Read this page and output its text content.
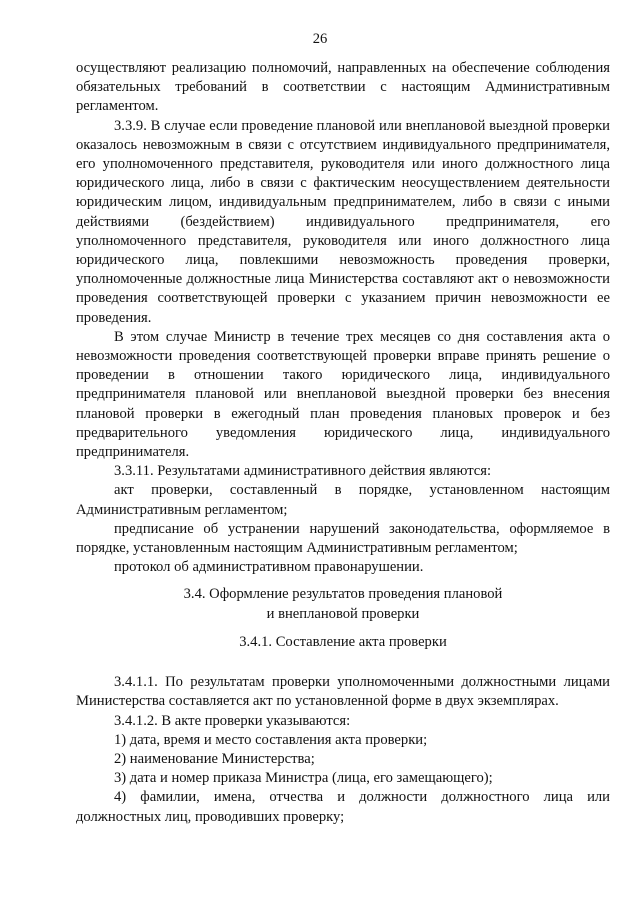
26

осуществляют реализацию полномочий, направленных на обеспечение соблюдения обязательных требований в соответствии с настоящим Административным регламентом.

3.3.9. В случае если проведение плановой или внеплановой выездной проверки оказалось невозможным в связи с отсутствием индивидуального предпринимателя, его уполномоченного представителя, руководителя или иного должностного лица юридического лица, либо в связи с фактическим неосуществлением деятельности юридическим лицом, индивидуальным предпринимателем, либо в связи с иными действиями (бездействием) индивидуального предпринимателя, его уполномоченного представителя, руководителя или иного должностного лица юридического лица, повлекшими невозможность проведения проверки, уполномоченные должностные лица Министерства составляют акт о невозможности проведения соответствующей проверки с указанием причин невозможности ее проведения.

В этом случае Министр в течение трех месяцев со дня составления акта о невозможности проведения соответствующей проверки вправе принять решение о проведении в отношении такого юридического лица, индивидуального предпринимателя плановой или внеплановой выездной проверки без внесения плановой проверки в ежегодный план проведения плановых проверок и без предварительного уведомления юридического лица, индивидуального предпринимателя.

3.3.11. Результатами административного действия являются:

акт проверки, составленный в порядке, установленном настоящим Административным регламентом;

предписание об устранении нарушений законодательства, оформляемое в порядке, установленным настоящим Административным регламентом;

протокол об административном правонарушении.

3.4. Оформление результатов проведения плановой
и внеплановой проверки
3.4.1. Составление акта проверки

3.4.1.1. По результатам проверки уполномоченными должностными лицами Министерства составляется акт по установленной форме в двух экземплярах.

3.4.1.2. В акте проверки указываются:

1) дата, время и место составления акта проверки;

2) наименование Министерства;

3) дата и номер приказа Министра (лица, его замещающего);

4) фамилии, имена, отчества и должности должностного лица или должностных лиц, проводивших проверку;
